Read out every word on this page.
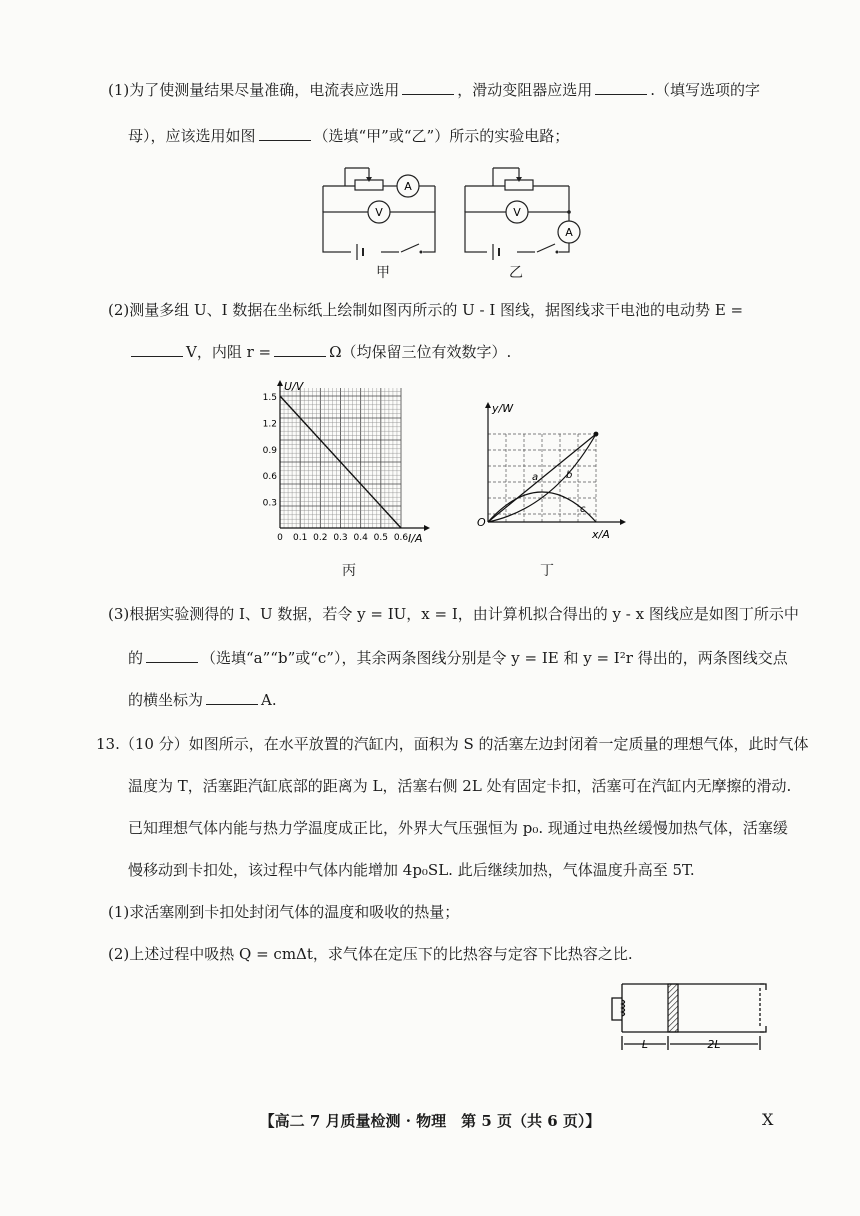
(1)为了使测量结果尽量准确，电流表应选用	，滑动变阻器应选用	.（填写选项的字
母），应该选用如图	（选填“甲”或“乙”）所示的实验电路；
A
V	V
A
甲	乙
(2)测量多组 U、I 数据在坐标纸上绘制如图丙所示的 U - I 图线，据图线求干电池的电动势 E =
V，内阻 r =	Ω（均保留三位有效数字）.
U/V
I/A
1.5
1.2
0.9
0.6
0.3
0 0.1 0.2 0.3 0.4 0.5 0.6
丙
y/W
x/A
O
a	b
c
丁
(3)根据实验测得的 I、U 数据，若令 y = IU，x = I，由计算机拟合得出的 y - x 图线应是如图丁所示中
的	（选填“a”“b”或“c”），其余两条图线分别是令 y = IE 和 y = I²r 得出的，两条图线交点
的横坐标为	A.
13.（10 分）如图所示，在水平放置的汽缸内，面积为 S 的活塞左边封闭着一定质量的理想气体，此时气体
温度为 T，活塞距汽缸底部的距离为 L，活塞右侧 2L 处有固定卡扣，活塞可在汽缸内无摩擦的滑动.
已知理想气体内能与热力学温度成正比，外界大气压强恒为 p₀. 现通过电热丝缓慢加热气体，活塞缓
慢移动到卡扣处，该过程中气体内能增加 4p₀SL. 此后继续加热，气体温度升高至 5T.
(1)求活塞刚到卡扣处封闭气体的温度和吸收的热量；
(2)上述过程中吸热 Q = cmΔt，求气体在定压下的比热容与定容下比热容之比.
L	2L
【高二 7 月质量检测 · 物理　第 5 页（共 6 页）】	X
